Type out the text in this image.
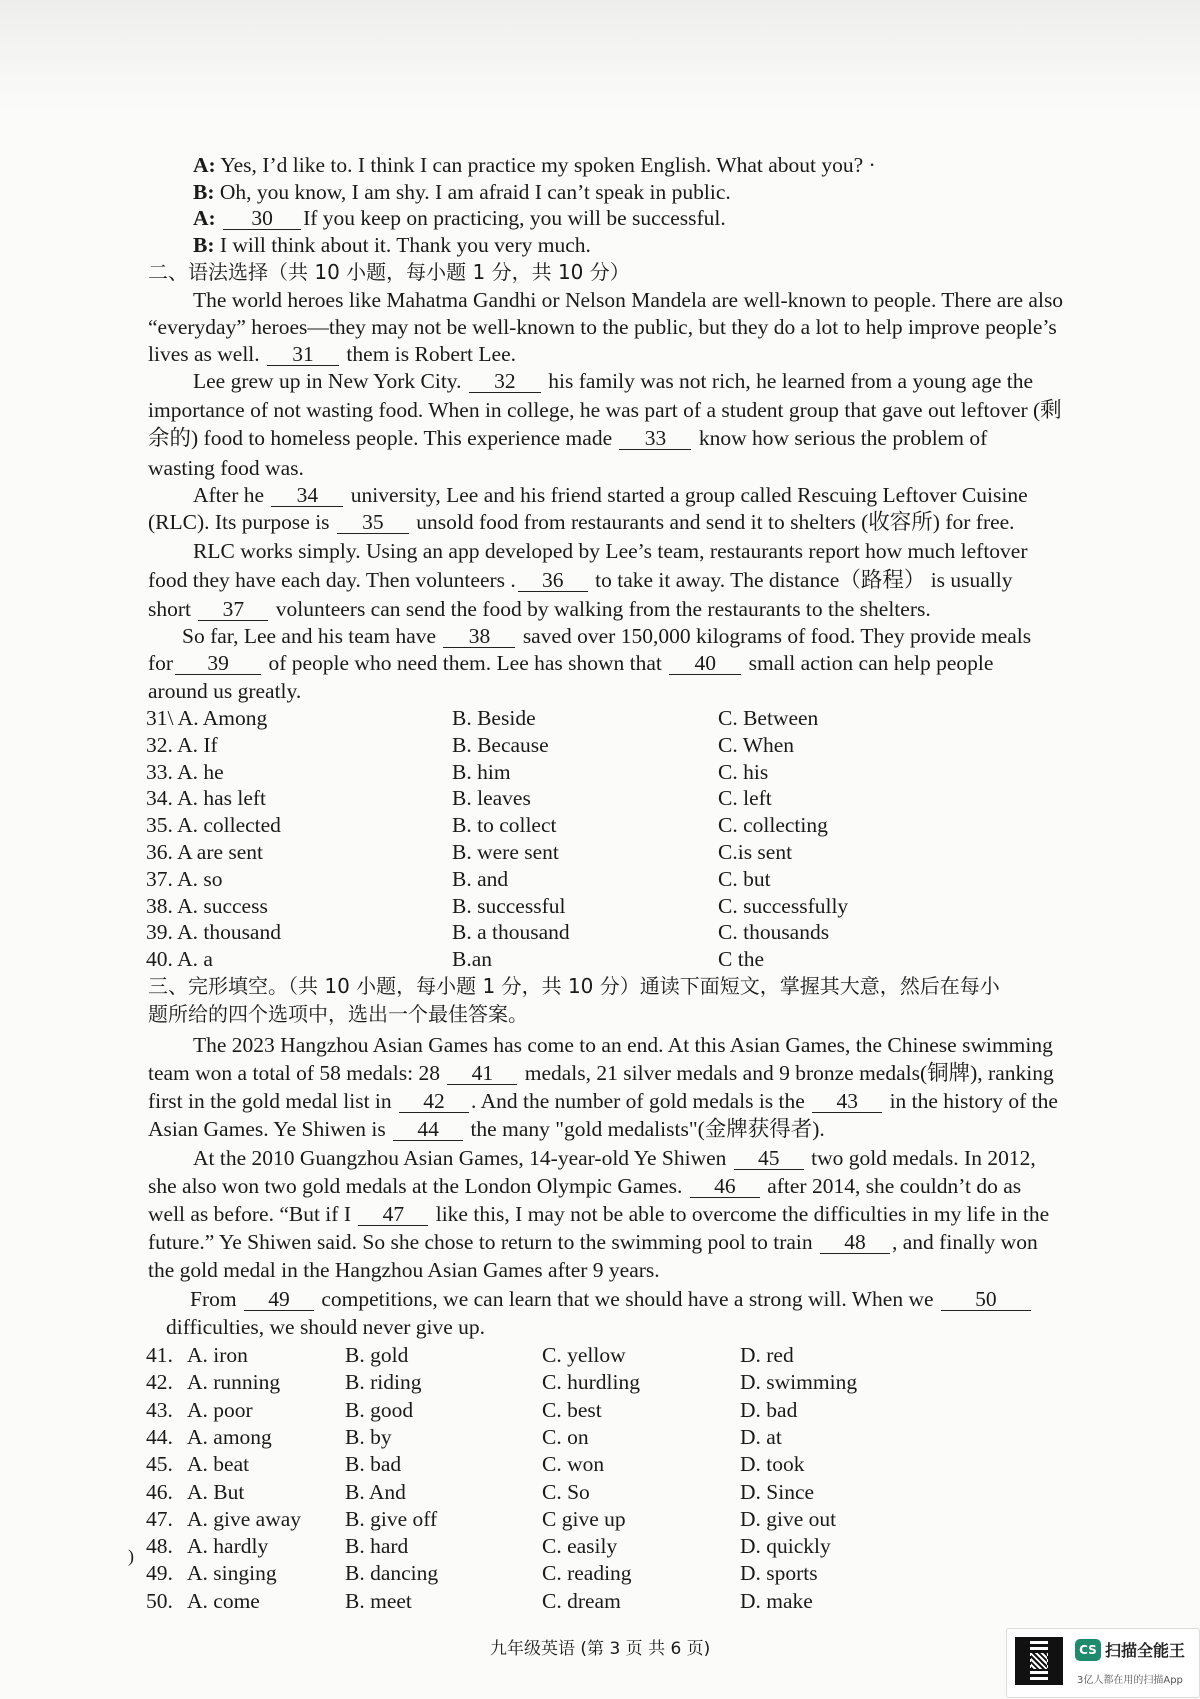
A: Yes, I’d like to. I think I can practice my spoken English. What about you? ·
B: Oh, you know, I am shy. I am afraid I can’t speak in public.
A: 30 If you keep on practicing, you will be successful.
B: I will think about it. Thank you very much.
二、语法选择（共 10 小题，每小题 1 分，共 10 分）
The world heroes like Mahatma Gandhi or Nelson Mandela are well-known to people. There are also
“everyday” heroes—they may not be well-known to the public, but they do a lot to help improve people’s
lives as well. 31 them is Robert Lee.
Lee grew up in New York City. 32 his family was not rich, he learned from a young age the
importance of not wasting food. When in college, he was part of a student group that gave out leftover (剩
余的) food to homeless people. This experience made 33 know how serious the problem of
wasting food was.
After he 34 university, Lee and his friend started a group called Rescuing Leftover Cuisine
(RLC). Its purpose is 35 unsold food from restaurants and send it to shelters (收容所) for free.
RLC works simply. Using an app developed by Lee’s team, restaurants report how much leftover
food they have each day. Then volunteers . 36 to take it away. The distance（路程） is usually
short 37 volunteers can send the food by walking from the restaurants to the shelters.
So far, Lee and his team have 38 saved over 150,000 kilograms of food. They provide meals
for 39 of people who need them. Lee has shown that 40 small action can help people
around us greatly.
31\ A. Among	B. Beside	C. Between
32. A. If	B. Because	C. When
33. A. he	B. him	C. his
34. A. has left	B. leaves	C. left
35. A. collected	B. to collect	C. collecting
36. A are sent	B. were sent	C.is sent
37. A. so	B. and	C. but
38. A. success	B. successful	C. successfully
39. A. thousand	B. a thousand	C. thousands
40. A. a	B.an	C the
三、完形填空。（共 10 小题，每小题 1 分，共 10 分）通读下面短文，掌握其大意，然后在每小
题所给的四个选项中，选出一个最佳答案。
The 2023 Hangzhou Asian Games has come to an end. At this Asian Games, the Chinese swimming
team won a total of 58 medals: 28 41 medals, 21 silver medals and 9 bronze medals(铜牌), ranking
first in the gold medal list in 42 . And the number of gold medals is the 43 in the history of the
Asian Games. Ye Shiwen is 44 the many "gold medalists"(金牌获得者).
At the 2010 Guangzhou Asian Games, 14-year-old Ye Shiwen 45 two gold medals. In 2012,
she also won two gold medals at the London Olympic Games. 46 after 2014, she couldn’t do as
well as before. “But if I 47 like this, I may not be able to overcome the difficulties in my life in the
future.” Ye Shiwen said. So she chose to return to the swimming pool to train 48 , and finally won
the gold medal in the Hangzhou Asian Games after 9 years.
From 49 competitions, we can learn that we should have a strong will. When we 50
difficulties, we should never give up.
41. A. iron	B. gold	C. yellow	D. red
42. A. running	B. riding	C. hurdling	D. swimming
43. A. poor	B. good	C. best	D. bad
44. A. among	B. by	C. on	D. at
45. A. beat	B. bad	C. won	D. took
46. A. But	B. And	C. So	D. Since
47. A. give away B. give off	C give up	D. give out
48. A. hardly	B. hard	C. easily	D. quickly
49. A. singing	B. dancing	C. reading	D. sports
50. A. come	B. meet	C. dream	D. make
)
九年级英语 (第 3 页 共 6 页)	CS 扫描全能王
3亿人都在用的扫描App
